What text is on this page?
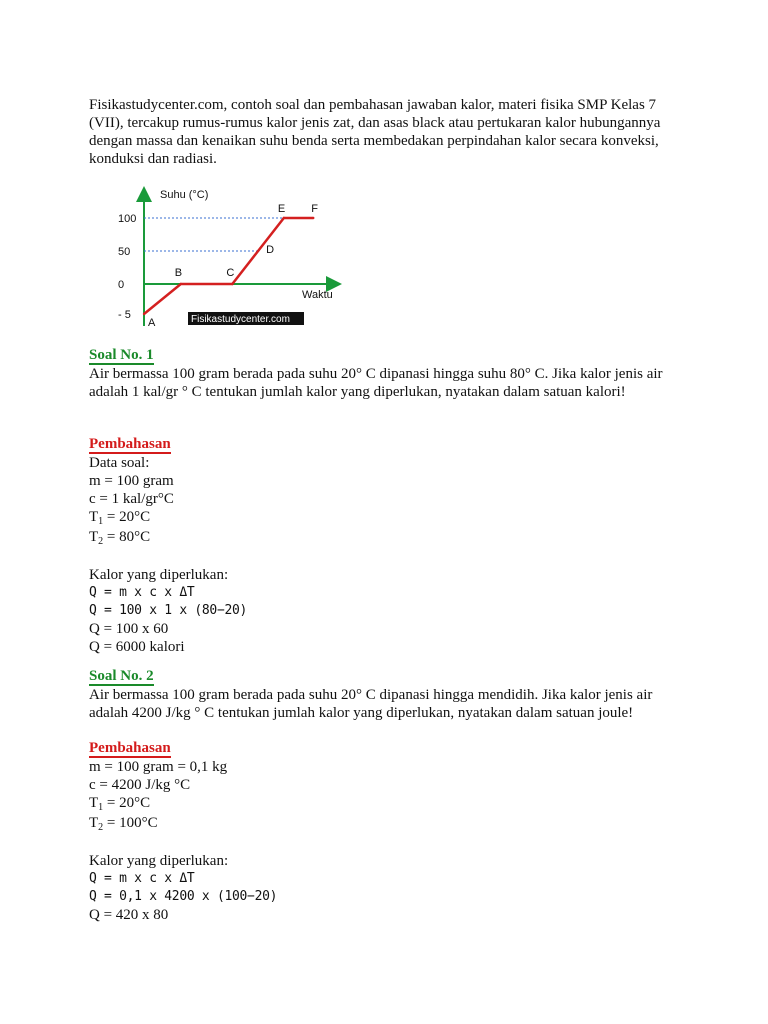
Fisikastudycenter.com, contoh soal dan pembahasan jawaban kalor, materi fisika SMP Kelas 7
(VII), tercakup rumus-rumus kalor jenis zat, dan asas black atau pertukaran kalor hubungannya
dengan massa dan kenaikan suhu benda serta membedakan perpindahan kalor secara konveksi,
konduksi dan radiasi.
Suhu (°C)
Waktu
100
50
0
- 5
A
B	C
D
E F
Fisikastudycenter.com
Soal No. 1
Air bermassa 100 gram berada pada suhu 20° C dipanasi hingga suhu 80° C. Jika kalor jenis air
adalah 1 kal/gr ° C tentukan jumlah kalor yang diperlukan, nyatakan dalam satuan kalori!
Pembahasan
Data soal:
m = 100 gram
c = 1 kal/gr°C
$T_1 = 20^\circ C$
$T_2 = 80^\circ C$
Kalor yang diperlukan:
Q = m x c x ΔT
Q = 100 x 1 x (80−20)
Q = 100 x 60
Q = 6000 kalori
Soal No. 2
Air bermassa 100 gram berada pada suhu 20° C dipanasi hingga mendidih. Jika kalor jenis air
adalah 4200 J/kg ° C tentukan jumlah kalor yang diperlukan, nyatakan dalam satuan joule!
Pembahasan
m = 100 gram = 0,1 kg
c = 4200 J/kg °C
$T_1 = 20^\circ C$
$T_2 = 100^\circ C$
Kalor yang diperlukan:
Q = m x c x ΔT
Q = 0,1 x 4200 x (100−20)
Q = 420 x 80
